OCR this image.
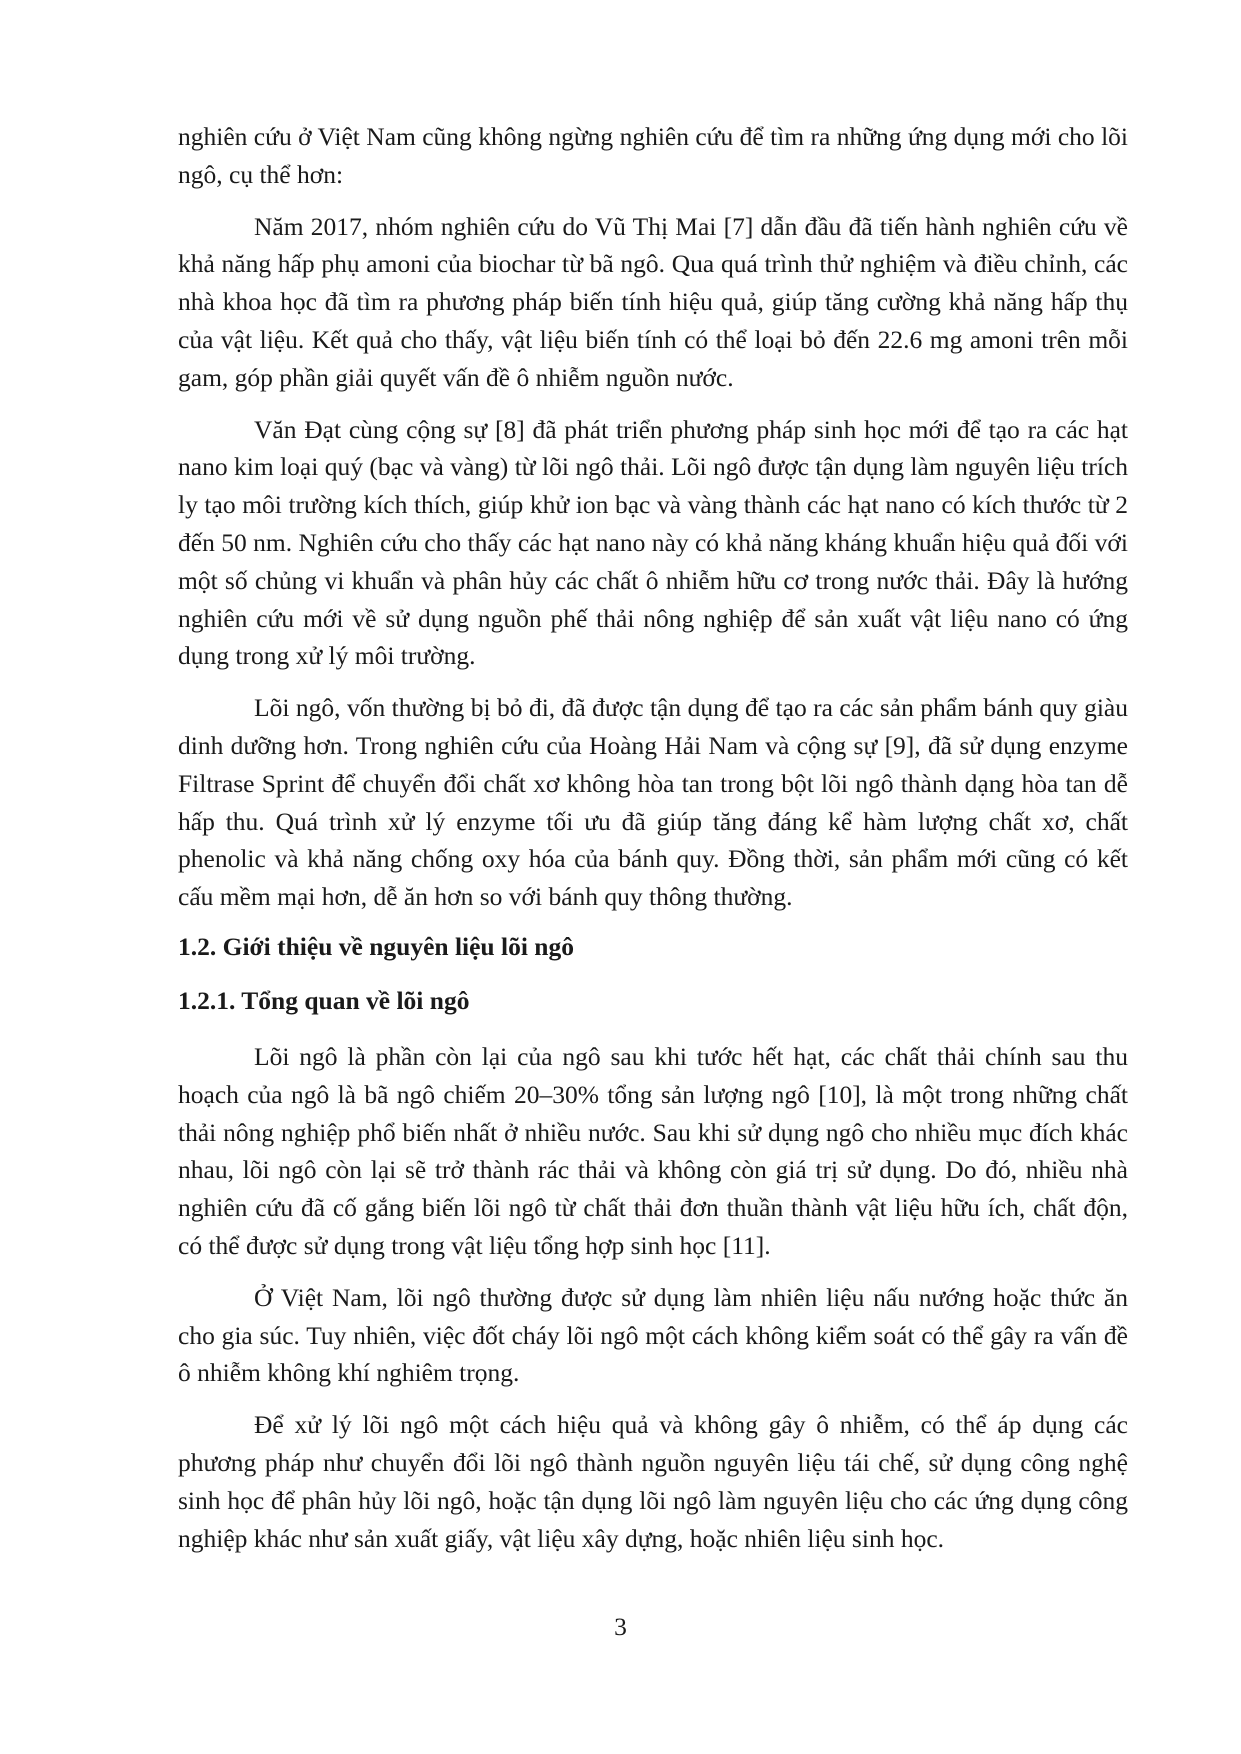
nghiên cứu ở Việt Nam cũng không ngừng nghiên cứu để tìm ra những ứng dụng mới cho lõi ngô, cụ thể hơn:

Năm 2017, nhóm nghiên cứu do Vũ Thị Mai [7] dẫn đầu đã tiến hành nghiên cứu về khả năng hấp phụ amoni của biochar từ bã ngô. Qua quá trình thử nghiệm và điều chỉnh, các nhà khoa học đã tìm ra phương pháp biến tính hiệu quả, giúp tăng cường khả năng hấp thụ của vật liệu. Kết quả cho thấy, vật liệu biến tính có thể loại bỏ đến 22.6 mg amoni trên mỗi gam, góp phần giải quyết vấn đề ô nhiễm nguồn nước.

Văn Đạt cùng cộng sự [8] đã phát triển phương pháp sinh học mới để tạo ra các hạt nano kim loại quý (bạc và vàng) từ lõi ngô thải. Lõi ngô được tận dụng làm nguyên liệu trích ly tạo môi trường kích thích, giúp khử ion bạc và vàng thành các hạt nano có kích thước từ 2 đến 50 nm. Nghiên cứu cho thấy các hạt nano này có khả năng kháng khuẩn hiệu quả đối với một số chủng vi khuẩn và phân hủy các chất ô nhiễm hữu cơ trong nước thải. Đây là hướng nghiên cứu mới về sử dụng nguồn phế thải nông nghiệp để sản xuất vật liệu nano có ứng dụng trong xử lý môi trường.

Lõi ngô, vốn thường bị bỏ đi, đã được tận dụng để tạo ra các sản phẩm bánh quy giàu dinh dưỡng hơn. Trong nghiên cứu của Hoàng Hải Nam và cộng sự [9], đã sử dụng enzyme Filtrase Sprint để chuyển đổi chất xơ không hòa tan trong bột lõi ngô thành dạng hòa tan dễ hấp thu. Quá trình xử lý enzyme tối ưu đã giúp tăng đáng kể hàm lượng chất xơ, chất phenolic và khả năng chống oxy hóa của bánh quy. Đồng thời, sản phẩm mới cũng có kết cấu mềm mại hơn, dễ ăn hơn so với bánh quy thông thường.

1.2. Giới thiệu về nguyên liệu lõi ngô
1.2.1. Tổng quan về lõi ngô

Lõi ngô là phần còn lại của ngô sau khi tước hết hạt, các chất thải chính sau thu hoạch của ngô là bã ngô chiếm 20–30% tổng sản lượng ngô [10], là một trong những chất thải nông nghiệp phổ biến nhất ở nhiều nước. Sau khi sử dụng ngô cho nhiều mục đích khác nhau, lõi ngô còn lại sẽ trở thành rác thải và không còn giá trị sử dụng. Do đó, nhiều nhà nghiên cứu đã cố gắng biến lõi ngô từ chất thải đơn thuần thành vật liệu hữu ích, chất độn, có thể được sử dụng trong vật liệu tổng hợp sinh học [11].

Ở Việt Nam, lõi ngô thường được sử dụng làm nhiên liệu nấu nướng hoặc thức ăn cho gia súc. Tuy nhiên, việc đốt cháy lõi ngô một cách không kiểm soát có thể gây ra vấn đề ô nhiễm không khí nghiêm trọng.

Để xử lý lõi ngô một cách hiệu quả và không gây ô nhiễm, có thể áp dụng các phương pháp như chuyển đổi lõi ngô thành nguồn nguyên liệu tái chế, sử dụng công nghệ sinh học để phân hủy lõi ngô, hoặc tận dụng lõi ngô làm nguyên liệu cho các ứng dụng công nghiệp khác như sản xuất giấy, vật liệu xây dựng, hoặc nhiên liệu sinh học.

3
